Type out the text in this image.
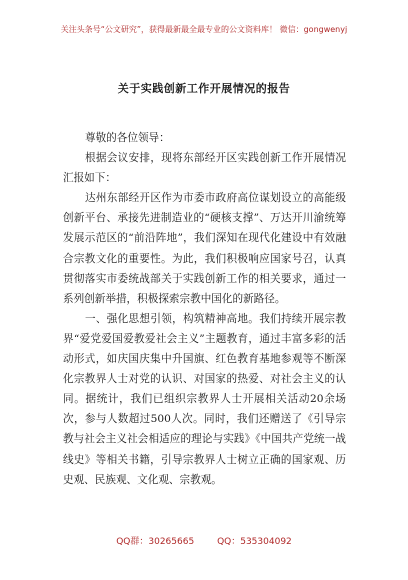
关注头条号“公文研究”，获得最新最全最专业的公文资料库！ 微信：gongwenyj
关于实践创新工作开展情况的报告

尊敬的各位领导：

根据会议安排，现将东部经开区实践创新工作开展情况汇报如下：

达州东部经开区作为市委市政府高位谋划设立的高能级创新平台、承接先进制造业的“硬核支撑”、万达开川渝统筹发展示范区的“前沿阵地”，我们深知在现代化建设中有效融合宗教文化的重要性。为此，我们积极响应国家号召，认真贯彻落实市委统战部关于实践创新工作的相关要求，通过一系列创新举措，积极探索宗教中国化的新路径。

一、强化思想引领，构筑精神高地。我们持续开展宗教界“爱党爱国爱教爱社会主义”主题教育，通过丰富多彩的活动形式，如庆国庆集中升国旗、红色教育基地参观等不断深化宗教界人士对党的认识、对国家的热爱、对社会主义的认同。据统计，我们已组织宗教界人士开展相关活动20余场次，参与人数超过500人次。同时，我们还赠送了《引导宗教与社会主义社会相适应的理论与实践》《中国共产党统一战线史》等相关书籍，引导宗教界人士树立正确的国家观、历史观、民族观、文化观、宗教观。

QQ群：30265665        QQ：535304092
